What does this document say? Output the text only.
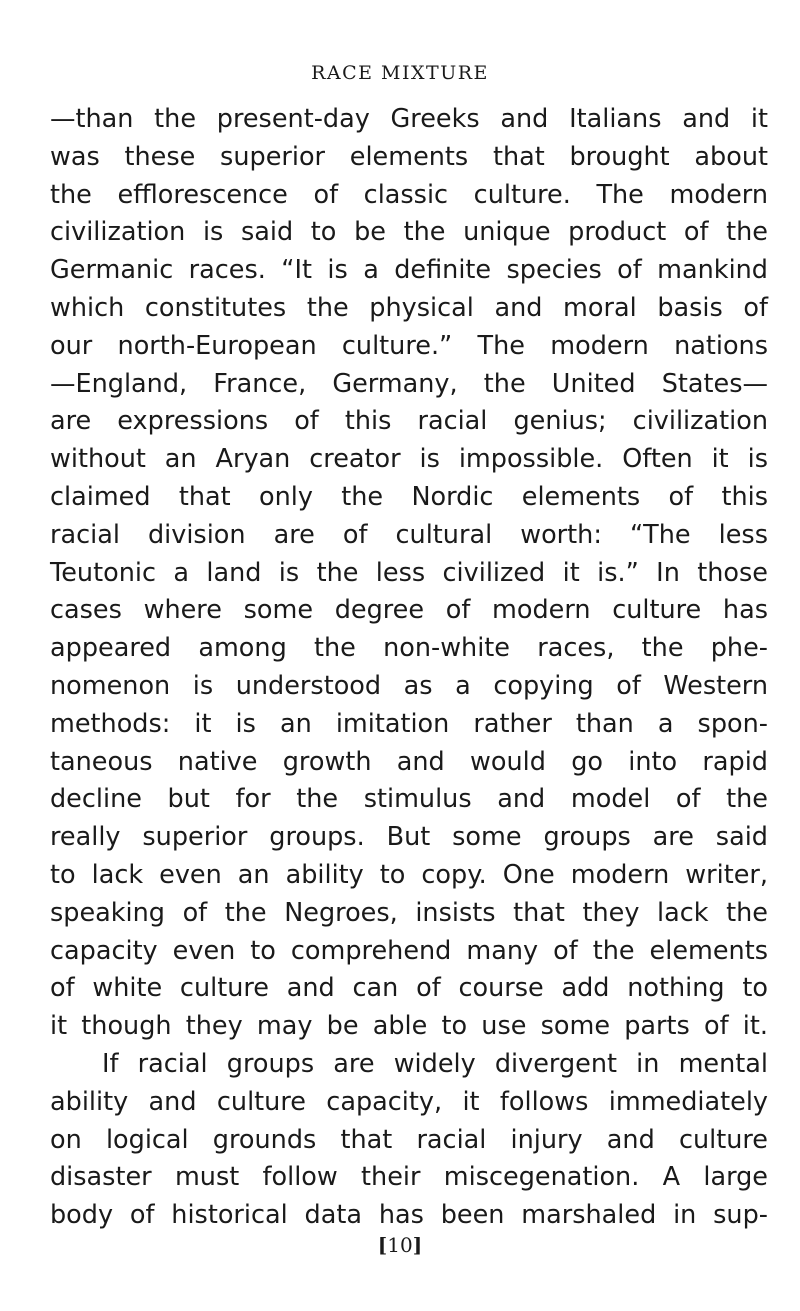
RACE MIXTURE
—than the present-day Greeks and Italians and it
was these superior elements that brought about
the efflorescence of classic culture. The modern
civilization is said to be the unique product of the
Germanic races. “It is a definite species of mankind
which constitutes the physical and moral basis of
our north-European culture.” The modern nations
—England, France, Germany, the United States—
are expressions of this racial genius; civilization
without an Aryan creator is impossible. Often it is
claimed that only the Nordic elements of this
racial division are of cultural worth: “The less
Teutonic a land is the less civilized it is.” In those
cases where some degree of modern culture has
appeared among the non-white races, the phe-
nomenon is understood as a copying of Western
methods: it is an imitation rather than a spon-
taneous native growth and would go into rapid
decline but for the stimulus and model of the
really superior groups. But some groups are said
to lack even an ability to copy. One modern writer,
speaking of the Negroes, insists that they lack the
capacity even to comprehend many of the elements
of white culture and can of course add nothing to
it though they may be able to use some parts of it.
If racial groups are widely divergent in mental
ability and culture capacity, it follows immediately
on logical grounds that racial injury and culture
disaster must follow their miscegenation. A large
body of historical data has been marshaled in sup-
[10]
